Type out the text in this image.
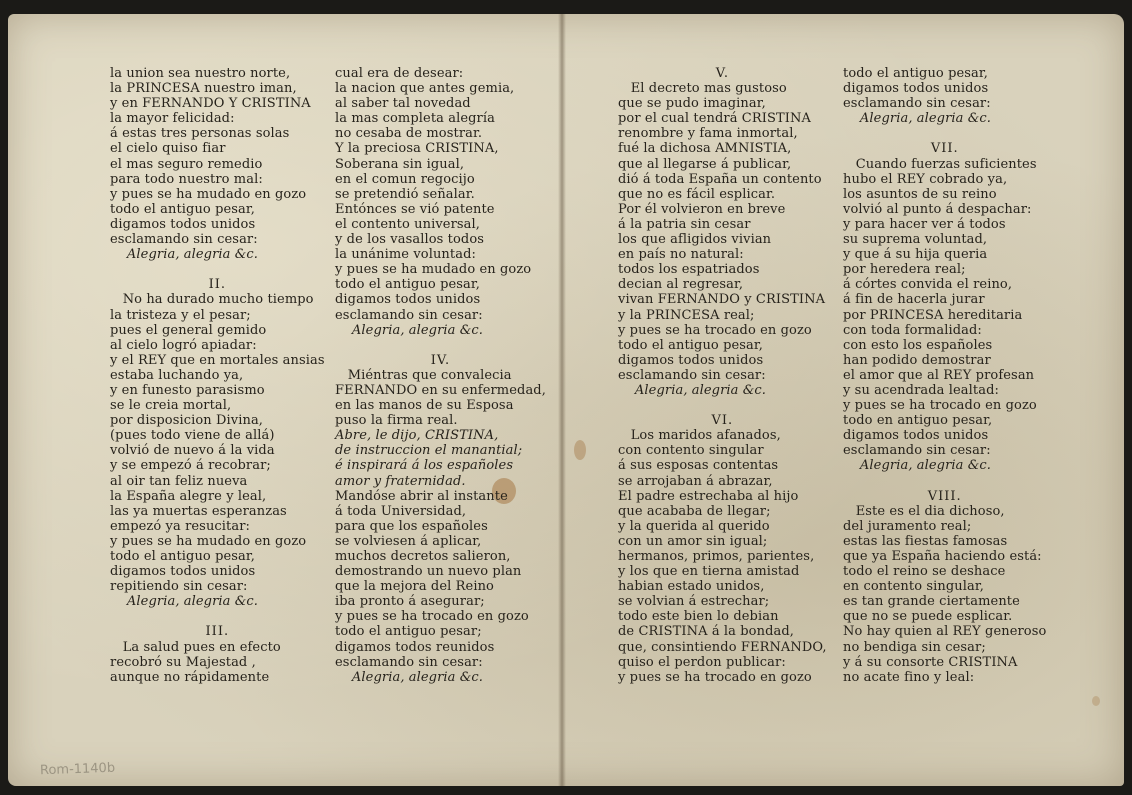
la union sea nuestro norte,
la PRINCESA nuestro iman,
y en FERNANDO Y CRISTINA
la mayor felicidad:
á estas tres personas solas
el cielo quiso fiar
el mas seguro remedio
para todo nuestro mal:
y pues se ha mudado en gozo
todo el antiguo pesar,
digamos todos unidos
esclamando sin cesar:
Alegria, alegria &c.
II.
No ha durado mucho tiempo
la tristeza y el pesar;
pues el general gemido
al cielo logró apiadar:
y el REY que en mortales ansias
estaba luchando ya,
y en funesto parasismo
se le creia mortal,
por disposicion Divina,
(pues todo viene de allá)
volvió de nuevo á la vida
y se empezó á recobrar;
al oir tan feliz nueva
la España alegre y leal,
las ya muertas esperanzas
empezó ya resucitar:
y pues se ha mudado en gozo
todo el antiguo pesar,
digamos todos unidos
repitiendo sin cesar:
Alegria, alegria &c.
III.
La salud pues en efecto
recobró su Majestad ,
aunque no rápidamente
cual era de desear:
la nacion que antes gemia,
al saber tal novedad
la mas completa alegría
no cesaba de mostrar.
Y la preciosa CRISTINA,
Soberana sin igual,
en el comun regocijo
se pretendió señalar.
Entónces se vió patente
el contento universal,
y de los vasallos todos
la unánime voluntad:
y pues se ha mudado en gozo
todo el antiguo pesar,
digamos todos unidos
esclamando sin cesar:
Alegria, alegria &c.
IV.
Miéntras que convalecia
FERNANDO en su enfermedad,
en las manos de su Esposa
puso la firma real.
Abre, le dijo, CRISTINA,
de instruccion el manantial;
é inspirará á los españoles
amor y fraternidad.
Mandóse abrir al instante
á toda Universidad,
para que los españoles
se volviesen á aplicar,
muchos decretos salieron,
demostrando un nuevo plan
que la mejora del Reino
iba pronto á asegurar;
y pues se ha trocado en gozo
todo el antiguo pesar;
digamos todos reunidos
esclamando sin cesar:
Alegria, alegria &c.
V.
El decreto mas gustoso
que se pudo imaginar,
por el cual tendrá CRISTINA
renombre y fama inmortal,
fué la dichosa AMNISTIA,
que al llegarse á publicar,
dió á toda España un contento
que no es fácil esplicar.
Por él volvieron en breve
á la patria sin cesar
los que afligidos vivian
en país no natural:
todos los espatriados
decian al regresar,
vivan FERNANDO y CRISTINA
y la PRINCESA real;
y pues se ha trocado en gozo
todo el antiguo pesar,
digamos todos unidos
esclamando sin cesar:
Alegria, alegria &c.
VI.
Los maridos afanados,
con contento singular
á sus esposas contentas
se arrojaban á abrazar,
El padre estrechaba al hijo
que acababa de llegar;
y la querida al querido
con un amor sin igual;
hermanos, primos, parientes,
y los que en tierna amistad
habian estado unidos,
se volvian á estrechar;
todo este bien lo debian
de CRISTINA á la bondad,
que, consintiendo FERNANDO,
quiso el perdon publicar:
y pues se ha trocado en gozo
todo el antiguo pesar,
digamos todos unidos
esclamando sin cesar:
Alegria, alegria &c.
VII.
Cuando fuerzas suficientes
hubo el REY cobrado ya,
los asuntos de su reino
volvió al punto á despachar:
y para hacer ver á todos
su suprema voluntad,
y que á su hija queria
por heredera real;
á córtes convida el reino,
á fin de hacerla jurar
por PRINCESA hereditaria
con toda formalidad:
con esto los españoles
han podido demostrar
el amor que al REY profesan
y su acendrada lealtad:
y pues se ha trocado en gozo
todo en antiguo pesar,
digamos todos unidos
esclamando sin cesar:
Alegria, alegria &c.
VIII.
Este es el dia dichoso,
del juramento real;
estas las fiestas famosas
que ya España haciendo está:
todo el reino se deshace
en contento singular,
es tan grande ciertamente
que no se puede esplicar.
No hay quien al REY generoso
no bendiga sin cesar;
y á su consorte CRISTINA
no acate fino y leal:
Rom-1140b
